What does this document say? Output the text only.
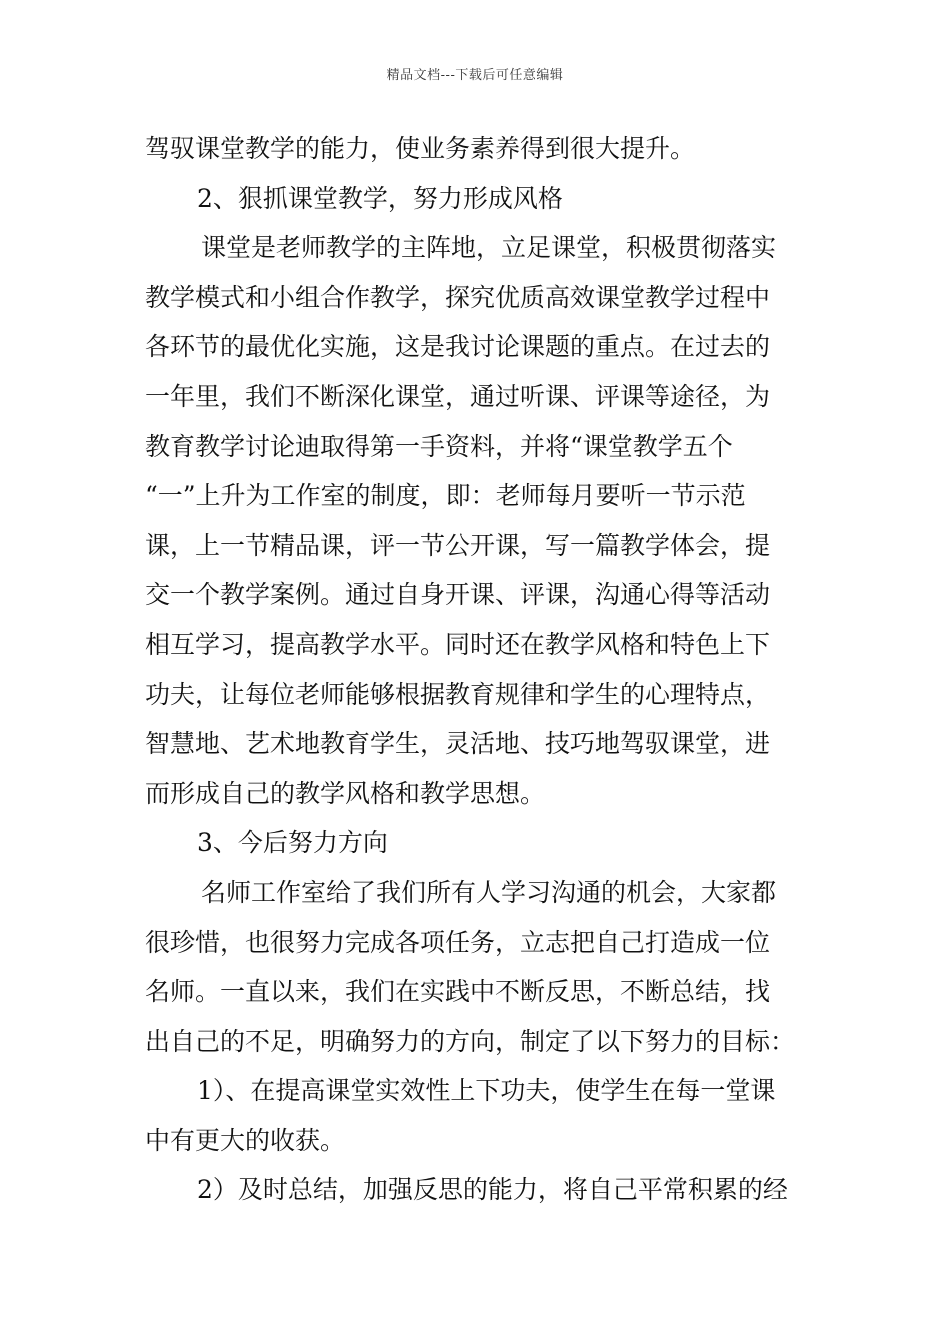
精品文档---下载后可任意编辑
驾驭课堂教学的能力，使业务素养得到很大提升。
2、狠抓课堂教学，努力形成风格
课堂是老师教学的主阵地，立足课堂，积极贯彻落实
教学模式和小组合作教学，探究优质高效课堂教学过程中
各环节的最优化实施，这是我讨论课题的重点。在过去的
一年里，我们不断深化课堂，通过听课、评课等途径，为
教育教学讨论迪取得第一手资料，并将“课堂教学五个
“一”上升为工作室的制度，即：老师每月要听一节示范
课，上一节精品课，评一节公开课，写一篇教学体会，提
交一个教学案例。通过自身开课、评课，沟通心得等活动
相互学习，提高教学水平。同时还在教学风格和特色上下
功夫，让每位老师能够根据教育规律和学生的心理特点，
智慧地、艺术地教育学生，灵活地、技巧地驾驭课堂，进
而形成自己的教学风格和教学思想。
3、今后努力方向
名师工作室给了我们所有人学习沟通的机会，大家都
很珍惜，也很努力完成各项任务，立志把自己打造成一位
名师。一直以来，我们在实践中不断反思，不断总结，找
出自己的不足，明确努力的方向，制定了以下努力的目标：
1）、在提高课堂实效性上下功夫，使学生在每一堂课
中有更大的收获。
2）及时总结，加强反思的能力，将自己平常积累的经
